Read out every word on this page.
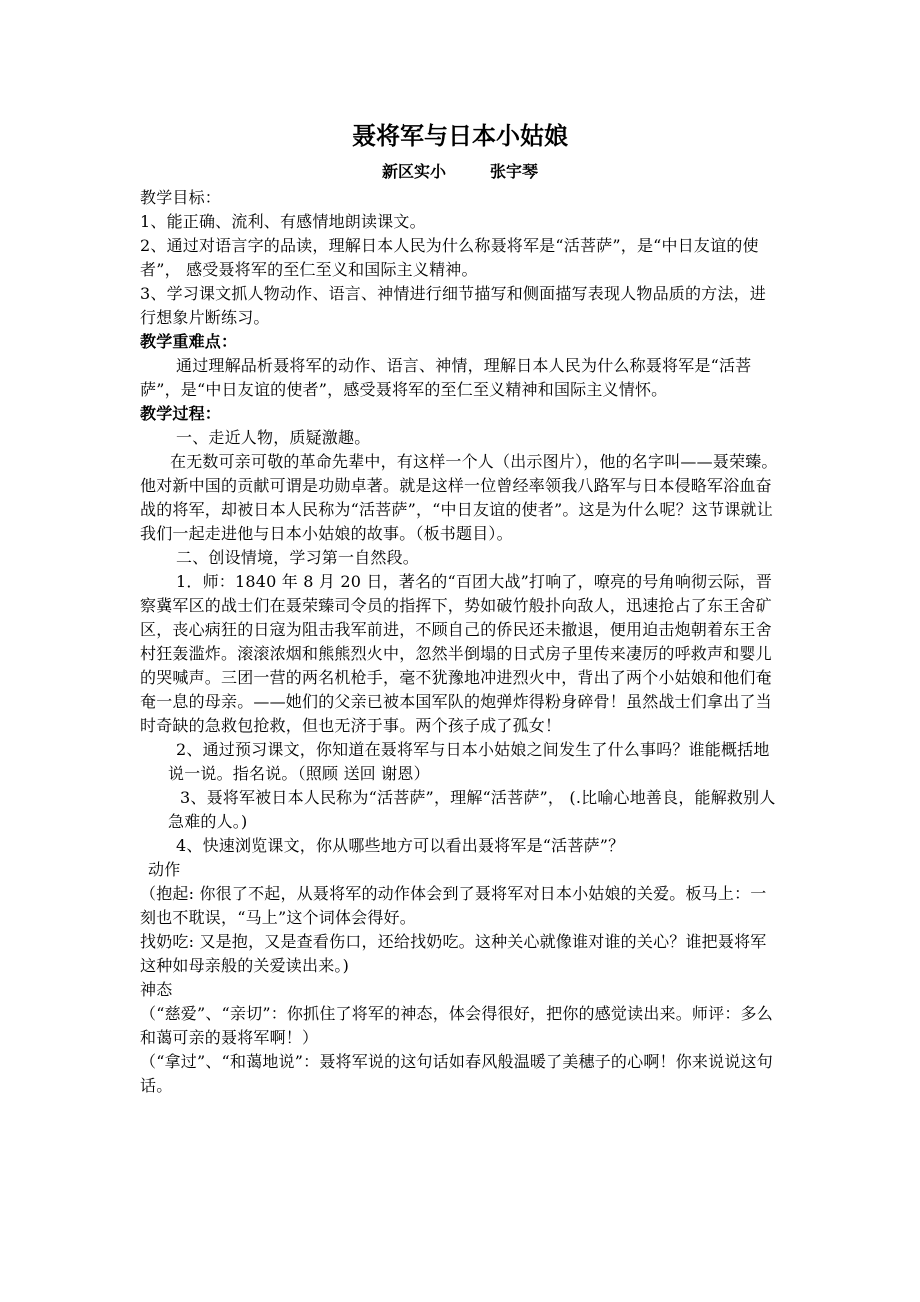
聂将军与日本小姑娘
新区实小	张宇琴

教学目标：

1、能正确、流利、有感情地朗读课文。

2、通过对语言字的品读，理解日本人民为什么称聂将军是“活菩萨”，是“中日友谊的使者”， 感受聂将军的至仁至义和国际主义精神。

3、学习课文抓人物动作、语言、神情进行细节描写和侧面描写表现人物品质的方法，进行想象片断练习。

教学重难点：

通过理解品析聂将军的动作、语言、神情，理解日本人民为什么称聂将军是“活菩萨”，是“中日友谊的使者”，感受聂将军的至仁至义精神和国际主义情怀。

教学过程：

一、走近人物，质疑激趣。

在无数可亲可敬的革命先辈中，有这样一个人（出示图片），他的名字叫——聂荣臻。他对新中国的贡献可谓是功勋卓著。就是这样一位曾经率领我八路军与日本侵略军浴血奋战的将军，却被日本人民称为“活菩萨”，“中日友谊的使者”。这是为什么呢？这节课就让我们一起走进他与日本小姑娘的故事。（板书题目）。

二、创设情境，学习第一自然段。

1．师：1840 年 8 月 20 日，著名的“百团大战”打响了，嘹亮的号角响彻云际，晋察冀军区的战士们在聂荣臻司令员的指挥下，势如破竹般扑向敌人，迅速抢占了东王舍矿区，丧心病狂的日寇为阻击我军前进，不顾自己的侨民还未撤退，便用迫击炮朝着东王舍村狂轰滥炸。滚滚浓烟和熊熊烈火中，忽然半倒塌的日式房子里传来凄厉的呼救声和婴儿的哭喊声。三团一营的两名机枪手，毫不犹豫地冲进烈火中，背出了两个小姑娘和他们奄奄一息的母亲。——她们的父亲已被本国军队的炮弹炸得粉身碎骨！虽然战士们拿出了当时奇缺的急救包抢救，但也无济于事。两个孩子成了孤女！

2、通过预习课文，你知道在聂将军与日本小姑娘之间发生了什么事吗？谁能概括地说一说。指名说。（照顾 送回 谢恩）

3、聂将军被日本人民称为“活菩萨”，理解“活菩萨”， (.比喻心地善良，能解救别人急难的人。)

4、快速浏览课文，你从哪些地方可以看出聂将军是“活菩萨”？

动作

（抱起: 你很了不起，从聂将军的动作体会到了聂将军对日本小姑娘的关爱。板马上：一刻也不耽误，“马上”这个词体会得好。

找奶吃: 又是抱，又是查看伤口，还给找奶吃。这种关心就像谁对谁的关心？谁把聂将军这种如母亲般的关爱读出来。)

神态

（“慈爱”、“亲切”：你抓住了将军的神态，体会得很好，把你的感觉读出来。师评：多么和蔼可亲的聂将军啊！）

（“拿过”、“和蔼地说”：聂将军说的这句话如春风般温暖了美穗子的心啊！你来说说这句话。
